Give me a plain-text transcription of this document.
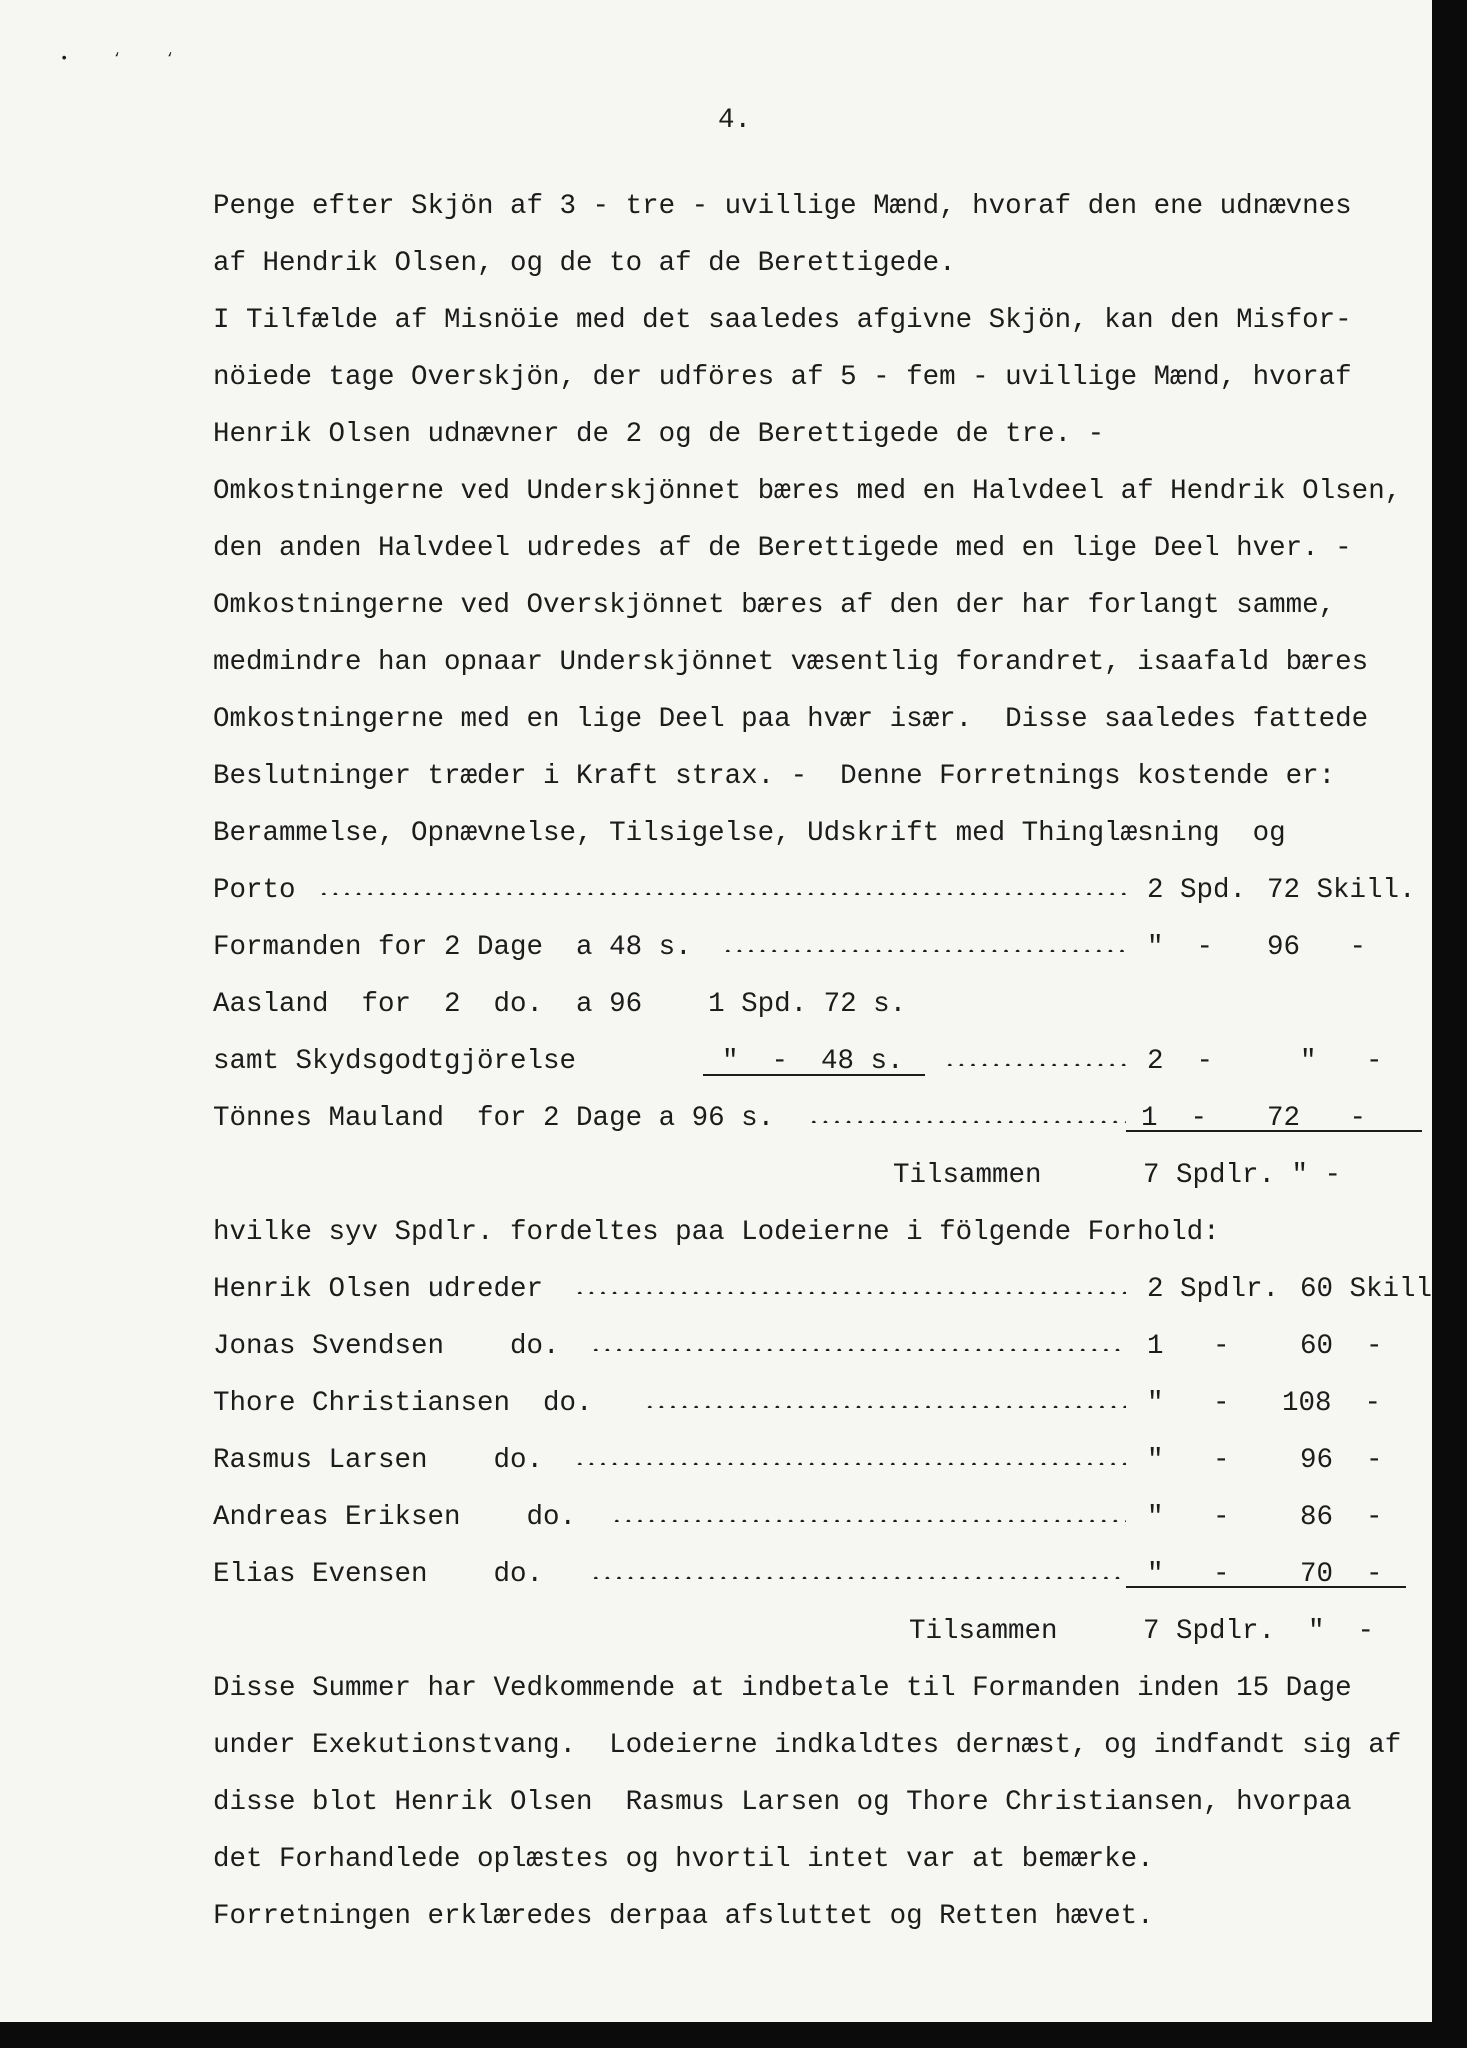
• ‘ ‘
4.
Penge efter Skjön af 3 - tre - uvillige Mænd, hvoraf den ene udnævnes
af Hendrik Olsen, og de to af de Berettigede.
I Tilfælde af Misnöie med det saaledes afgivne Skjön, kan den Misfor-
nöiede tage Overskjön, der udföres af 5 - fem - uvillige Mænd, hvoraf
Henrik Olsen udnævner de 2 og de Berettigede de tre. -
Omkostningerne ved Underskjönnet bæres med en Halvdeel af Hendrik Olsen,
den anden Halvdeel udredes af de Berettigede med en lige Deel hver. -
Omkostningerne ved Overskjönnet bæres af den der har forlangt samme,
medmindre han opnaar Underskjönnet væsentlig forandret, isaafald bæres
Omkostningerne med en lige Deel paa hvær især.  Disse saaledes fattede
Beslutninger træder i Kraft strax. -  Denne Forretnings kostende er:
Berammelse, Opnævnelse, Tilsigelse, Udskrift med Thinglæsning  og
Porto	2 Spd. 72 Skill.
Formanden for 2 Dage  a 48 s.	"  - 96   -
Aasland  for  2  do.  a 96    1 Spd. 72 s.
samt Skydsgodtgjörelse	"  -  48 s.	2  -	"   -
Tönnes Mauland  for 2 Dage a 96 s.	1  - 72   -
Tilsammen	7 Spdlr. " -
hvilke syv Spdlr. fordeltes paa Lodeierne i fölgende Forhold:
Henrik Olsen udreder	2 Spdlr. 60 Skill
Jonas Svendsen    do.	1   -	60  -
Thore Christiansen  do.	"   - 108  -
Rasmus Larsen    do.	"   -	96  -
Andreas Eriksen    do.	"   -	86  -
Elias Evensen    do.	"   -	70  -
Tilsammen	7 Spdlr.  "  -
Disse Summer har Vedkommende at indbetale til Formanden inden 15 Dage
under Exekutionstvang.  Lodeierne indkaldtes dernæst, og indfandt sig af
disse blot Henrik Olsen  Rasmus Larsen og Thore Christiansen, hvorpaa
det Forhandlede oplæstes og hvortil intet var at bemærke.
Forretningen erklæredes derpaa afsluttet og Retten hævet.
